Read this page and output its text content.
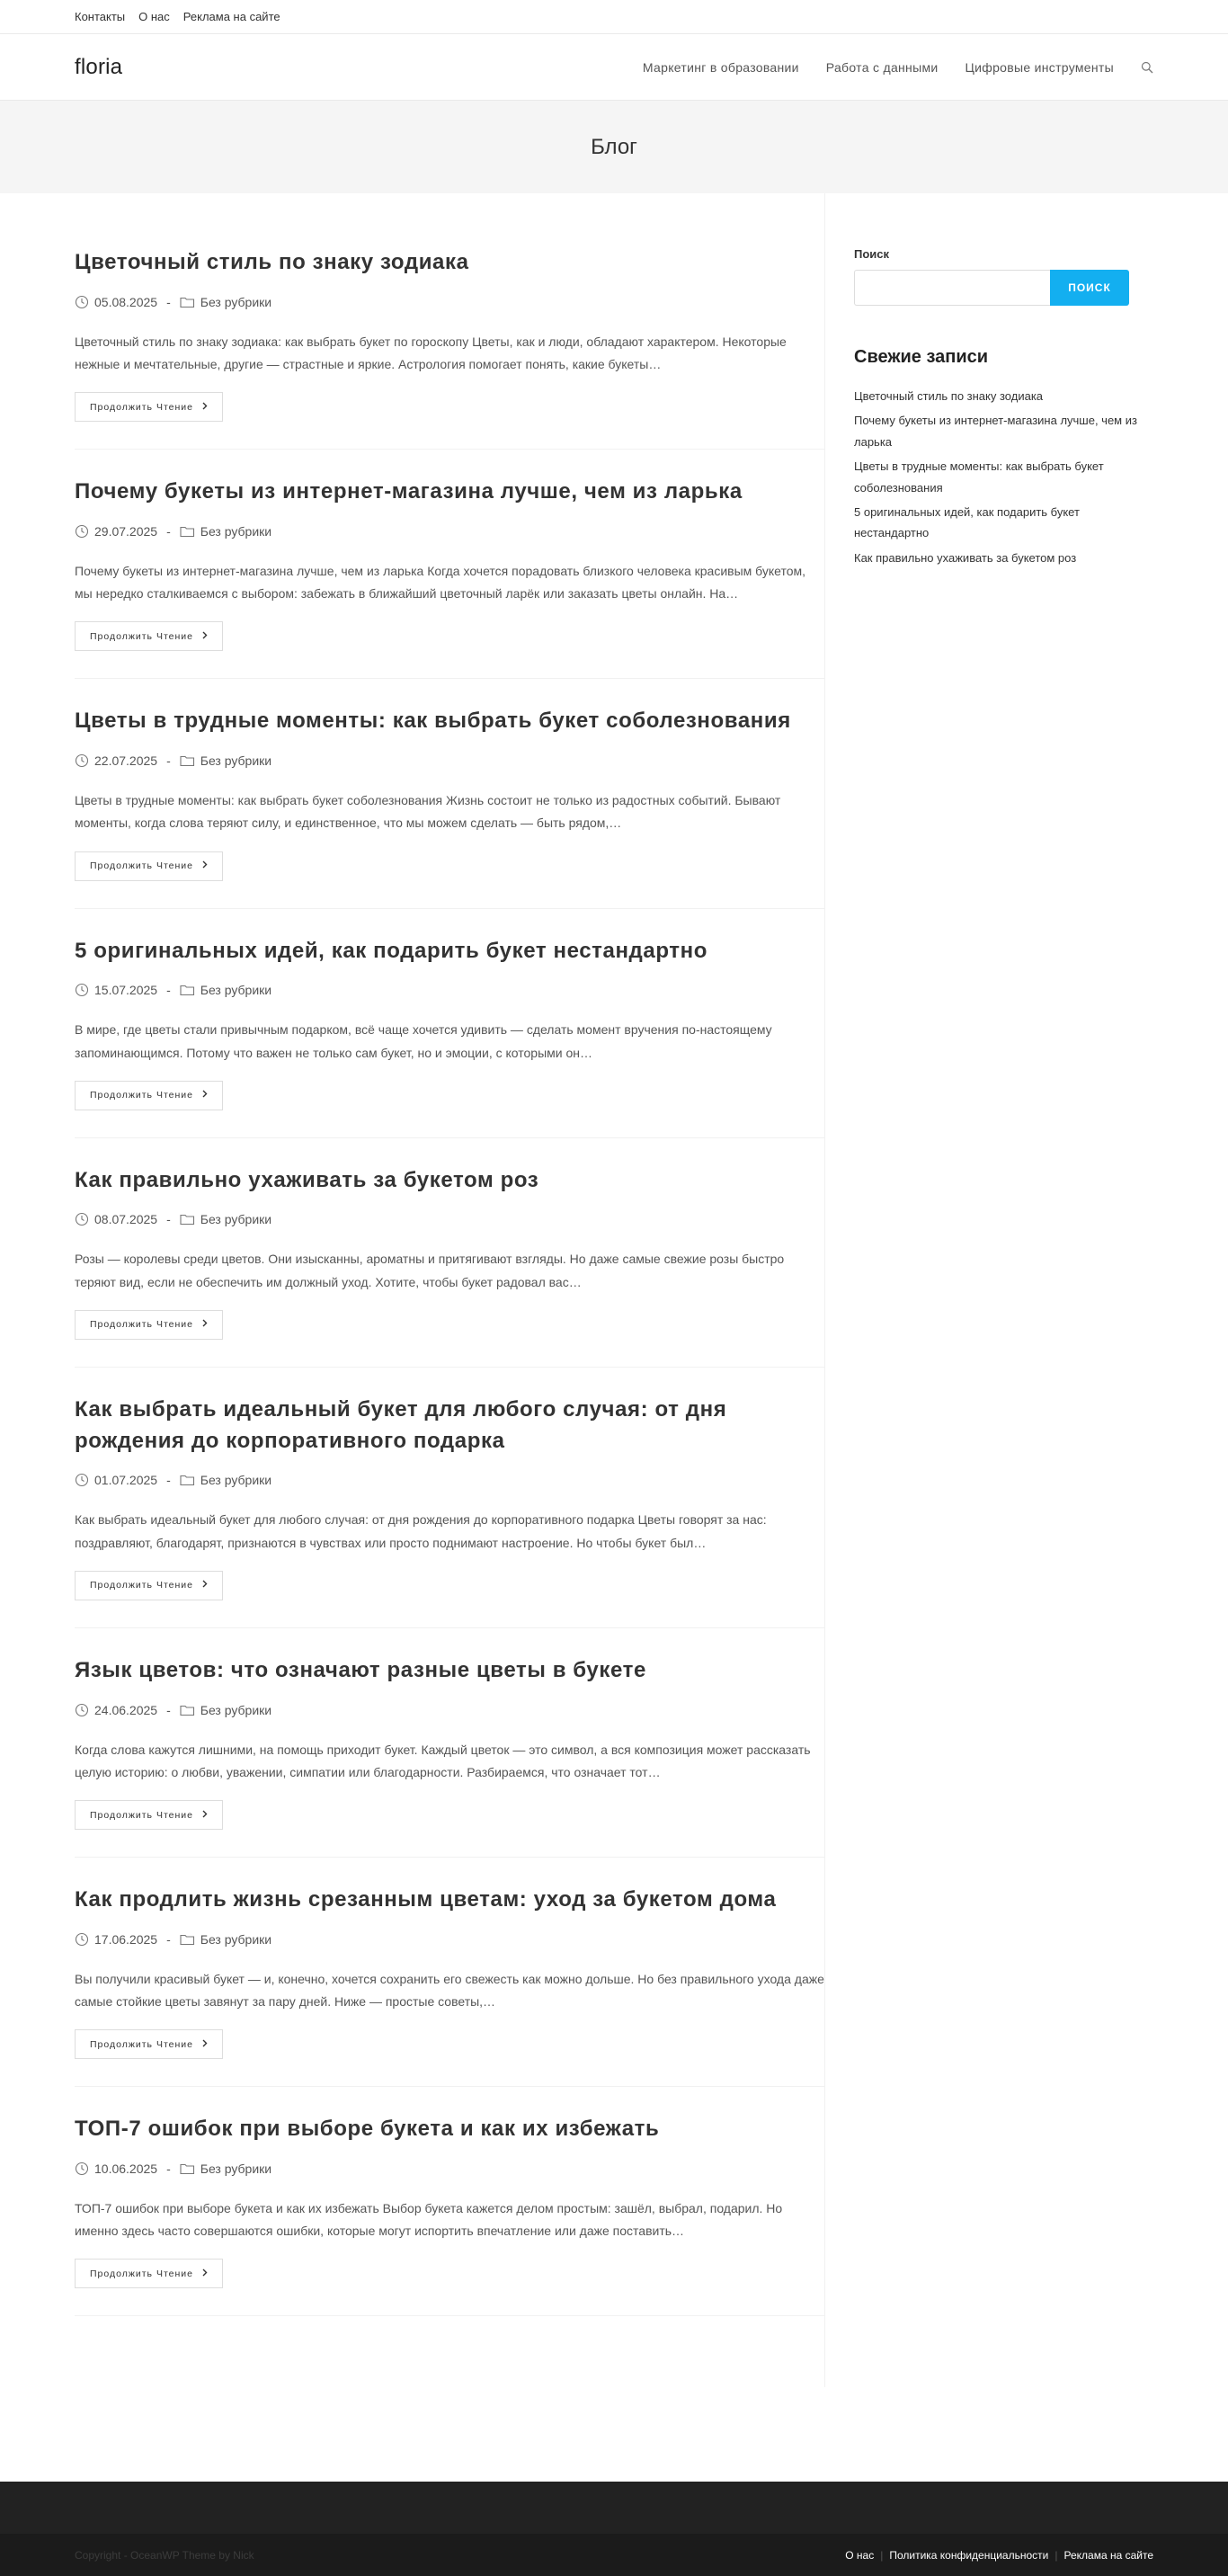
Контакты О нас Реклама на сайте
floria	Маркетинг в образовании Работа с данными Цифровые инструменты
Блог
Цветочный стиль по знаку зодиака
05.08.2025 - Без рубрики

Цветочный стиль по знаку зодиака: как выбрать букет по гороскопу Цветы, как и люди, обладают характером. Некоторые нежные и мечтательные, другие — страстные и яркие. Астрология помогает понять, какие букеты…

Продолжить Чтение
Почему букеты из интернет-магазина лучше, чем из ларька
29.07.2025 - Без рубрики

Почему букеты из интернет-магазина лучше, чем из ларька Когда хочется порадовать близкого человека красивым букетом, мы нередко сталкиваемся с выбором: забежать в ближайший цветочный ларёк или заказать цветы онлайн. На…

Продолжить Чтение
Цветы в трудные моменты: как выбрать букет соболезнования
22.07.2025 - Без рубрики

Цветы в трудные моменты: как выбрать букет соболезнования Жизнь состоит не только из радостных событий. Бывают моменты, когда слова теряют силу, и единственное, что мы можем сделать — быть рядом,…

Продолжить Чтение
5 оригинальных идей, как подарить букет нестандартно
15.07.2025 - Без рубрики

В мире, где цветы стали привычным подарком, всё чаще хочется удивить — сделать момент вручения по-настоящему запоминающимся. Потому что важен не только сам букет, но и эмоции, с которыми он…

Продолжить Чтение
Как правильно ухаживать за букетом роз
08.07.2025 - Без рубрики

Розы — королевы среди цветов. Они изысканны, ароматны и притягивают взгляды. Но даже самые свежие розы быстро теряют вид, если не обеспечить им должный уход. Хотите, чтобы букет радовал вас…

Продолжить Чтение
Как выбрать идеальный букет для любого случая: от дня рождения до корпоративного подарка
01.07.2025 - Без рубрики

Как выбрать идеальный букет для любого случая: от дня рождения до корпоративного подарка Цветы говорят за нас: поздравляют, благодарят, признаются в чувствах или просто поднимают настроение. Но чтобы букет был…

Продолжить Чтение
Язык цветов: что означают разные цветы в букете
24.06.2025 - Без рубрики

Когда слова кажутся лишними, на помощь приходит букет. Каждый цветок — это символ, а вся композиция может рассказать целую историю: о любви, уважении, симпатии или благодарности. Разбираемся, что означает тот…

Продолжить Чтение
Как продлить жизнь срезанным цветам: уход за букетом дома
17.06.2025 - Без рубрики

Вы получили красивый букет — и, конечно, хочется сохранить его свежесть как можно дольше. Но без правильного ухода даже самые стойкие цветы завянут за пару дней. Ниже — простые советы,…

Продолжить Чтение
ТОП-7 ошибок при выборе букета и как их избежать
10.06.2025 - Без рубрики

ТОП-7 ошибок при выборе букета и как их избежать Выбор букета кажется делом простым: зашёл, выбрал, подарил. Но именно здесь часто совершаются ошибки, которые могут испортить впечатление или даже поставить…

Продолжить Чтение
Поиск
ПОИСК
Свежие записи
Цветочный стиль по знаку зодиака
Почему букеты из интернет-магазина лучше, чем из ларька
Цветы в трудные моменты: как выбрать букет соболезнования
5 оригинальных идей, как подарить букет нестандартно
Как правильно ухаживать за букетом роз
Copyright - OceanWP Theme by Nick	О нас | Политика конфиденциальности | Реклама на сайте
